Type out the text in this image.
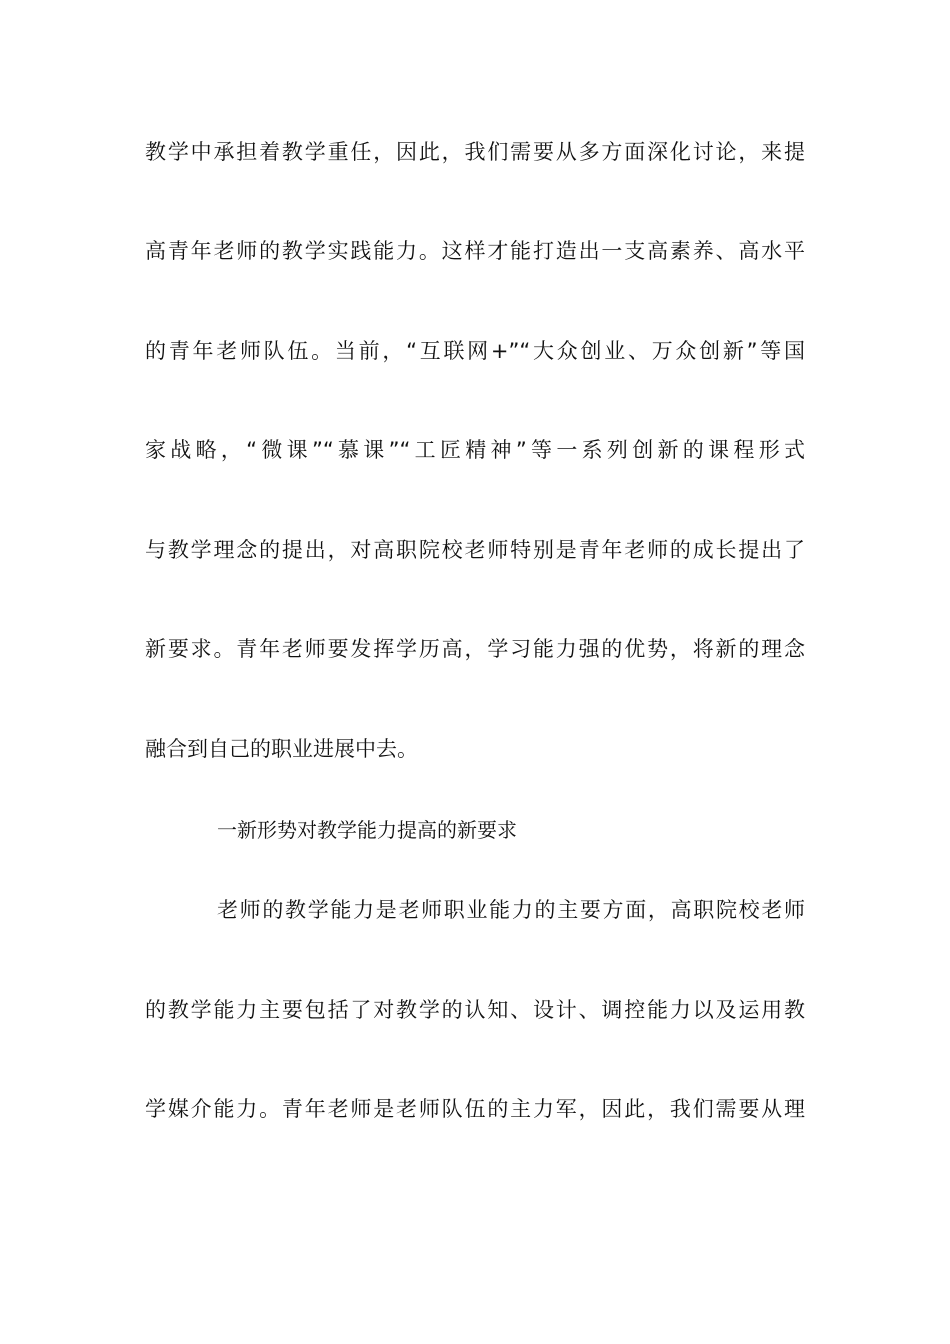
教学中承担着教学重任，因此，我们需要从多方面深化讨论，来提
高青年老师的教学实践能力。这样才能打造出一支高素养、高水平
的青年老师队伍。当前，“互联网+”“大众创业、万众创新”等国
家战略，“微课”“慕课”“工匠精神”等一系列创新的课程形式
与教学理念的提出，对高职院校老师特别是青年老师的成长提出了
新要求。青年老师要发挥学历高，学习能力强的优势，将新的理念
融合到自己的职业进展中去。
一新形势对教学能力提高的新要求
老师的教学能力是老师职业能力的主要方面，高职院校老师
的教学能力主要包括了对教学的认知、设计、调控能力以及运用教
学媒介能力。青年老师是老师队伍的主力军，因此，我们需要从理
